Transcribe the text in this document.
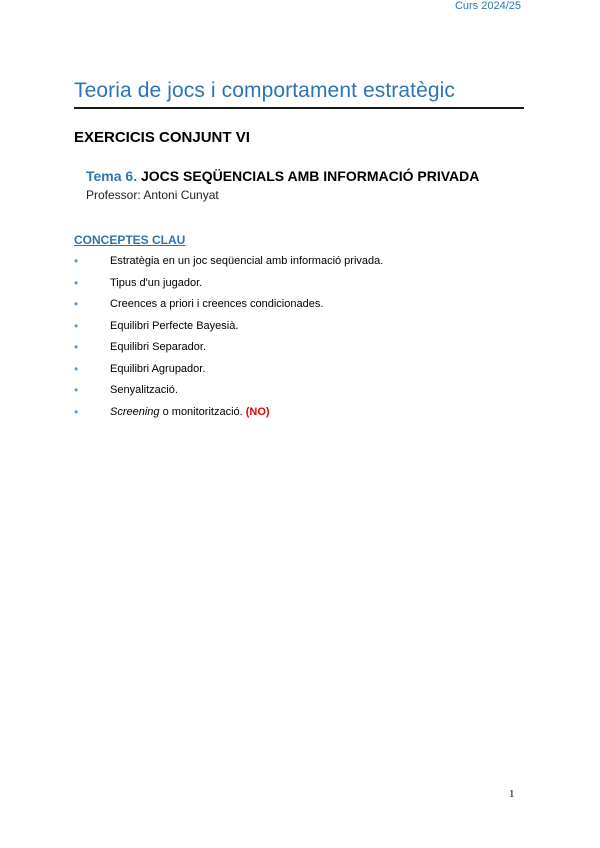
Curs 2024/25
Teoria de jocs i comportament estratègic
EXERCICIS CONJUNT VI
Tema 6. JOCS SEQÜENCIALS AMB INFORMACIÓ PRIVADA
Professor: Antoni Cunyat
CONCEPTES CLAU
•	Estratègia en un joc seqüencial amb informació privada.
•	Tipus d'un jugador.
•	Creences a priori i creences condicionades.
•	Equilibri Perfecte Bayesià.
•	Equilibri Separador.
•	Equilibri Agrupador.
•	Senyalització.
•	Screening o monitorització. (NO)
1
